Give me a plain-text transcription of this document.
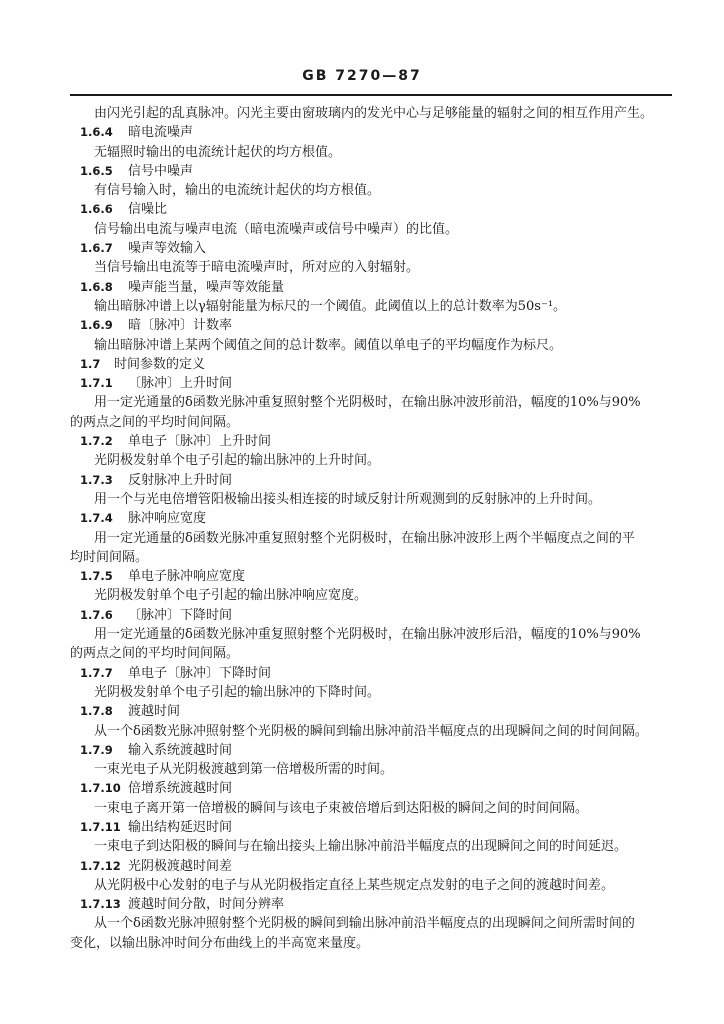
GB 7270—87
由闪光引起的乱真脉冲。闪光主要由窗玻璃内的发光中心与足够能量的辐射之间的相互作用产生。
1.6.4 暗电流噪声
无辐照时输出的电流统计起伏的均方根值。
1.6.5 信号中噪声
有信号输入时，输出的电流统计起伏的均方根值。
1.6.6 信噪比
信号输出电流与噪声电流（暗电流噪声或信号中噪声）的比值。
1.6.7 噪声等效输入
当信号输出电流等于暗电流噪声时，所对应的入射辐射。
1.6.8 噪声能当量，噪声等效能量
输出暗脉冲谱上以γ辐射能量为标尺的一个阈值。此阈值以上的总计数率为50s⁻¹。
1.6.9 暗〔脉冲〕计数率
输出暗脉冲谱上某两个阈值之间的总计数率。阈值以单电子的平均幅度作为标尺。
1.7 时间参数的定义
1.7.1 〔脉冲〕上升时间
用一定光通量的δ函数光脉冲重复照射整个光阴极时，在输出脉冲波形前沿，幅度的10%与90%
的两点之间的平均时间间隔。
1.7.2 单电子〔脉冲〕上升时间
光阴极发射单个电子引起的输出脉冲的上升时间。
1.7.3 反射脉冲上升时间
用一个与光电倍增管阳极输出接头相连接的时域反射计所观测到的反射脉冲的上升时间。
1.7.4 脉冲响应宽度
用一定光通量的δ函数光脉冲重复照射整个光阴极时，在输出脉冲波形上两个半幅度点之间的平
均时间间隔。
1.7.5 单电子脉冲响应宽度
光阴极发射单个电子引起的输出脉冲响应宽度。
1.7.6 〔脉冲〕下降时间
用一定光通量的δ函数光脉冲重复照射整个光阴极时，在输出脉冲波形后沿，幅度的10%与90%
的两点之间的平均时间间隔。
1.7.7 单电子〔脉冲〕下降时间
光阴极发射单个电子引起的输出脉冲的下降时间。
1.7.8 渡越时间
从一个δ函数光脉冲照射整个光阴极的瞬间到输出脉冲前沿半幅度点的出现瞬间之间的时间间隔。
1.7.9 输入系统渡越时间
一束光电子从光阴极渡越到第一倍增极所需的时间。
1.7.10 倍增系统渡越时间
一束电子离开第一倍增极的瞬间与该电子束被倍增后到达阳极的瞬间之间的时间间隔。
1.7.11 输出结构延迟时间
一束电子到达阳极的瞬间与在输出接头上输出脉冲前沿半幅度点的出现瞬间之间的时间延迟。
1.7.12 光阴极渡越时间差
从光阴极中心发射的电子与从光阴极指定直径上某些规定点发射的电子之间的渡越时间差。
1.7.13 渡越时间分散，时间分辨率
从一个δ函数光脉冲照射整个光阴极的瞬间到输出脉冲前沿半幅度点的出现瞬间之间所需时间的
变化，以输出脉冲时间分布曲线上的半高宽来量度。
